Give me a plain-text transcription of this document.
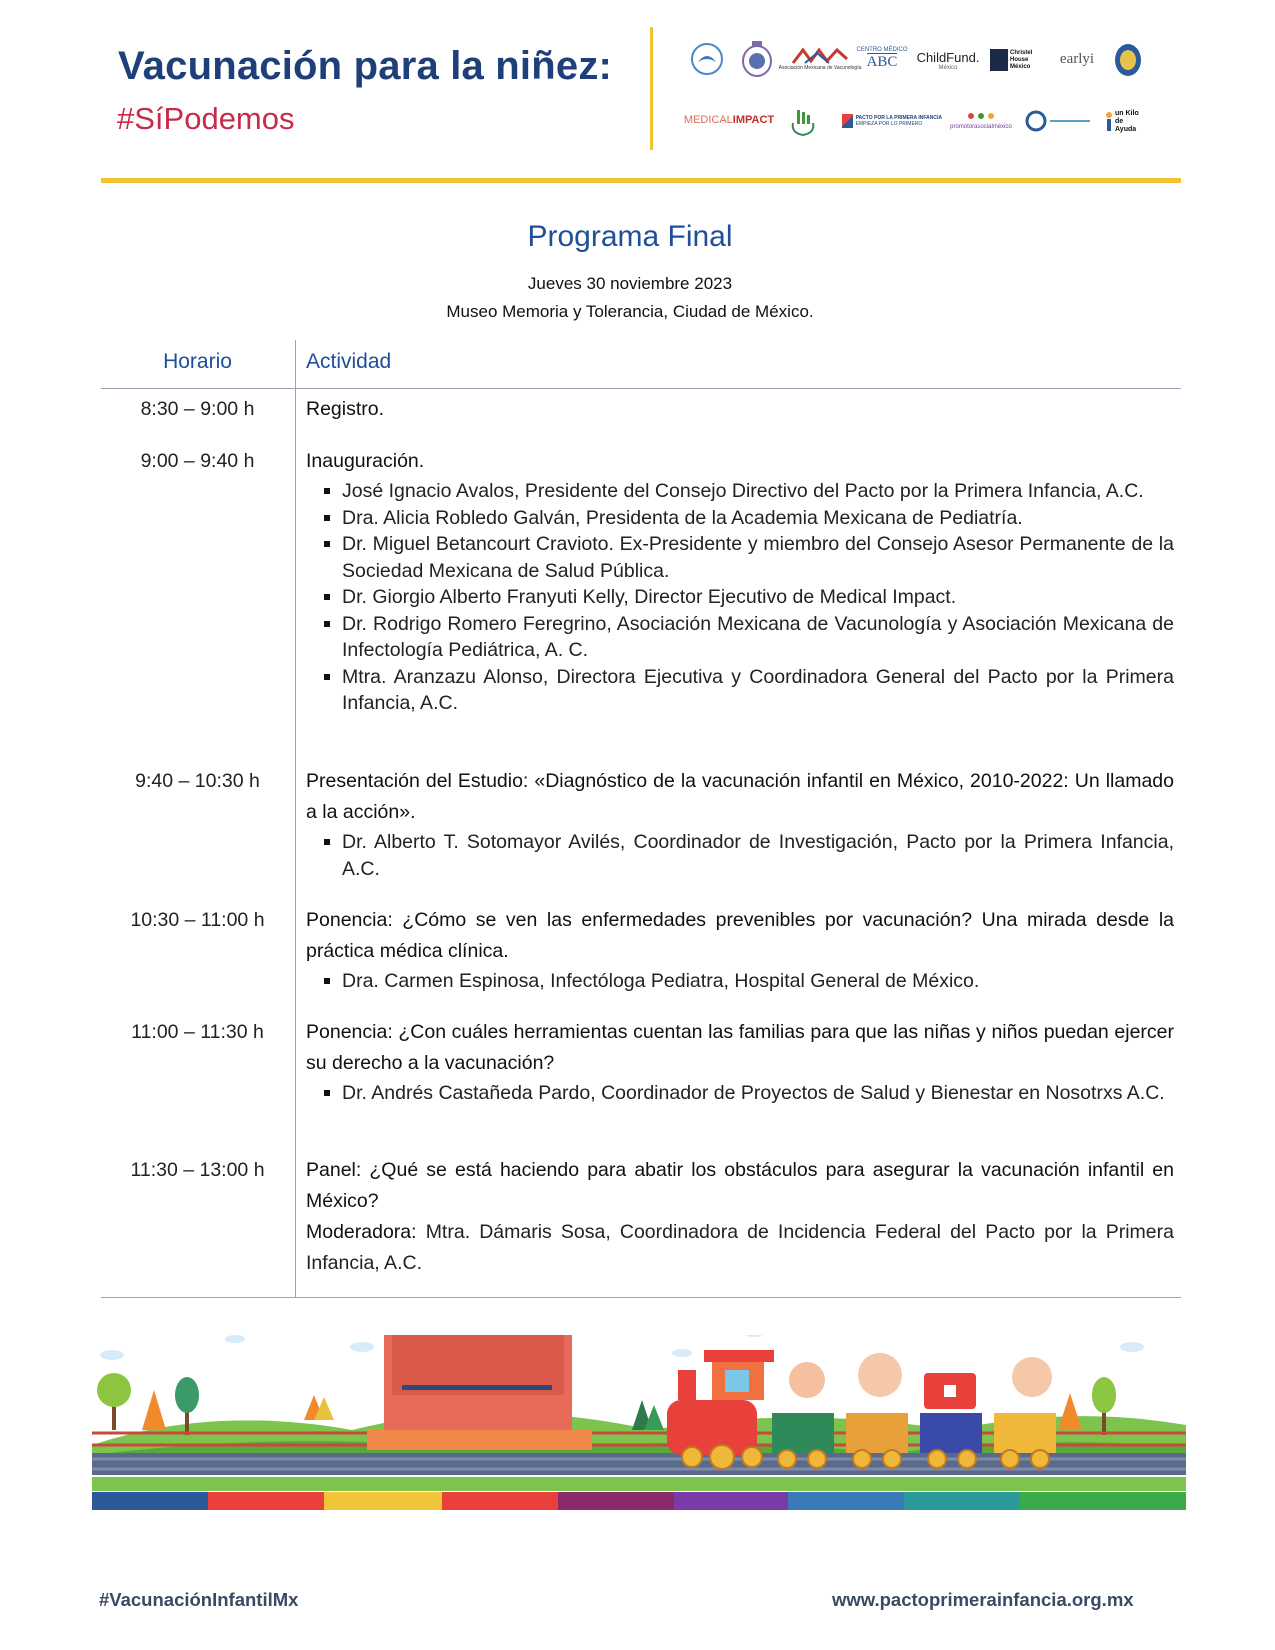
Vacunación para la niñez:
#SíPodemos
Asociación Mexicana de Vacunología
CENTRO MÉDICO
ABC ChildFund.
México
Christel House México	earlyi
MEDICAL IMPACT	PACTO POR LA PRIMERA INFANCIA
EMPIEZA POR LO PRIMERO	promotorasocialméxico
un Kilo de Ayuda
Programa Final
Jueves 30 noviembre 2023
Museo Memoria y Tolerancia, Ciudad de México.
Horario	Actividad
8:30 – 9:00 h	Registro.
9:00 – 9:40 h	Inauguración.
José Ignacio Avalos, Presidente del Consejo Directivo del Pacto por la Primera Infancia, A.C.
Dra. Alicia Robledo Galván, Presidenta de la Academia Mexicana de Pediatría.
Dr. Miguel Betancourt Cravioto. Ex-Presidente y miembro del Consejo Asesor Permanente de la Sociedad Mexicana de Salud Pública.
Dr. Giorgio Alberto Franyuti Kelly, Director Ejecutivo de Medical Impact.
Dr. Rodrigo Romero Feregrino, Asociación Mexicana de Vacunología y Asociación Mexicana de Infectología Pediátrica, A. C.
Mtra. Aranzazu Alonso, Directora Ejecutiva y Coordinadora General del Pacto por la Primera Infancia, A.C.
9:40 – 10:30 h	Presentación del Estudio: «Diagnóstico de la vacunación infantil en México, 2010-2022: Un llamado a la acción».
Dr. Alberto T. Sotomayor Avilés, Coordinador de Investigación, Pacto por la Primera Infancia, A.C.
10:30 – 11:00 h	Ponencia: ¿Cómo se ven las enfermedades prevenibles por vacunación? Una mirada desde la práctica médica clínica.
Dra. Carmen Espinosa, Infectóloga Pediatra, Hospital General de México.
11:00 – 11:30 h	Ponencia: ¿Con cuáles herramientas cuentan las familias para que las niñas y niños puedan ejercer su derecho a la vacunación?
Dr. Andrés Castañeda Pardo, Coordinador de Proyectos de Salud y Bienestar en Nosotrxs A.C.
11:30 – 13:00 h	Panel: ¿Qué se está haciendo para abatir los obstáculos para asegurar la vacunación infantil en México?
Moderadora: Mtra. Dámaris Sosa, Coordinadora de Incidencia Federal del Pacto por la Primera Infancia, A.C.
#VacunaciónInfantilMx	www.pactoprimerainfancia.org.mx
